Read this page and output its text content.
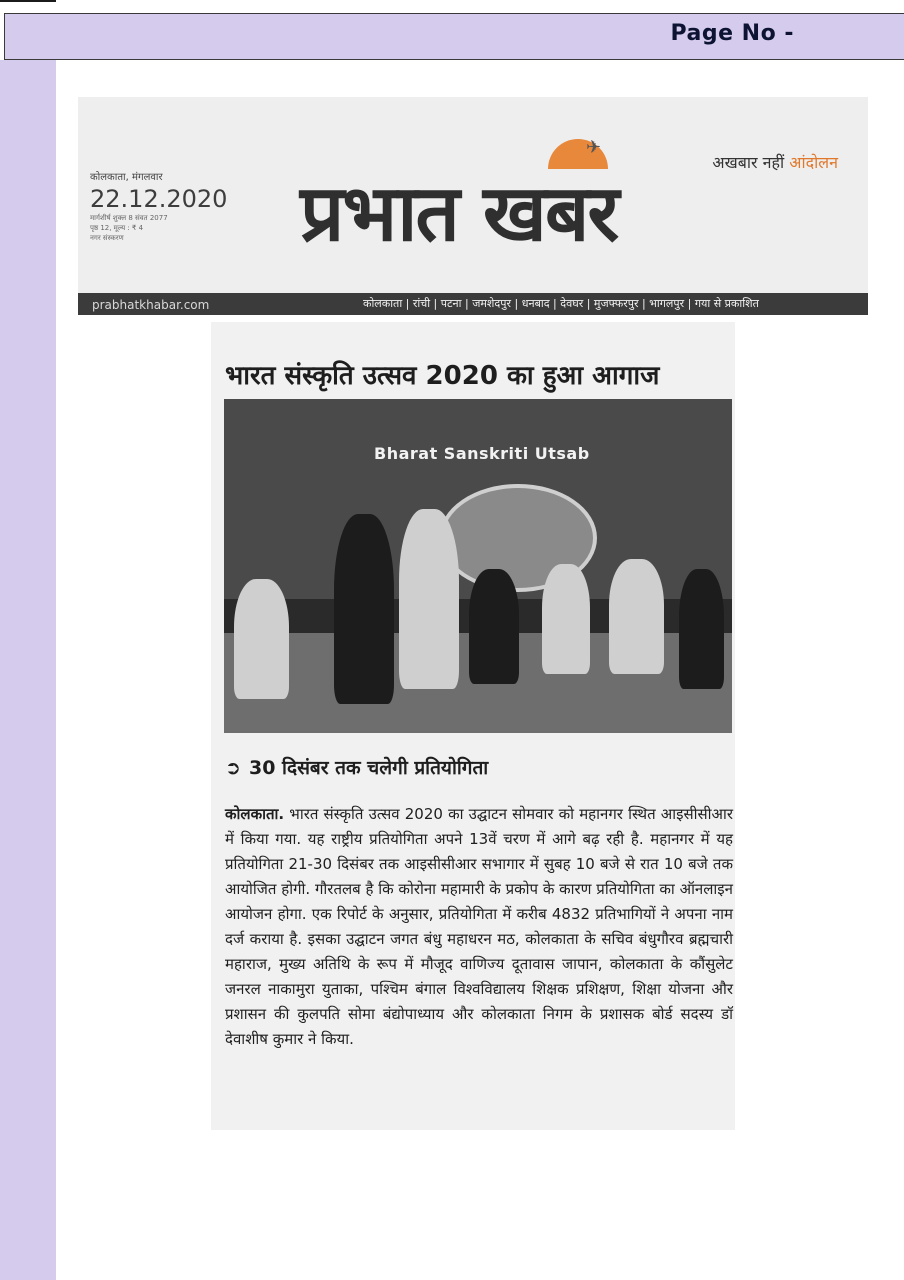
Page No -
कोलकाता, मंगलवार
22.12.2020
मार्गशीर्ष शुक्ल 8 संवत 2077
पृष्ठ 12, मूल्य : ₹ 4
नगर संस्करण
✈
अखबार नहीं आंदोलन
प्रभात खबर
prabhatkhabar.com	कोलकाता | रांची | पटना | जमशेदपुर | धनबाद | देवघर | मुजफ्फरपुर | भागलपुर | गया से प्रकाशित
भारत संस्कृति उत्सव 2020 का हुआ आगाज
Bharat Sanskriti Utsab
➲ 30 दिसंबर तक चलेगी प्रतियोगिता
कोलकाता. भारत संस्कृति उत्सव 2020 का उद्घाटन सोमवार को महानगर स्थित आइसीसीआर में किया गया. यह राष्ट्रीय प्रतियोगिता अपने 13वें चरण में आगे बढ़ रही है. महानगर में यह प्रतियोगिता 21-30 दिसंबर तक आइसीसीआर सभागार में सुबह 10 बजे से रात 10 बजे तक आयोजित होगी. गौरतलब है कि कोरोना महामारी के प्रकोप के कारण प्रतियोगिता का ऑनलाइन आयोजन होगा. एक रिपोर्ट के अनुसार, प्रतियोगिता में करीब 4832 प्रतिभागियों ने अपना नाम दर्ज कराया है. इसका उद्घाटन जगत बंधु महाधरन मठ, कोलकाता के सचिव बंधुगौरव ब्रह्मचारी महाराज, मुख्य अतिथि के रूप में मौजूद वाणिज्य दूतावास जापान, कोलकाता के कौंसुलेट जनरल नाकामुरा युताका, पश्चिम बंगाल विश्वविद्यालय शिक्षक प्रशिक्षण, शिक्षा योजना और प्रशासन की कुलपति सोमा बंद्योपाध्याय और कोलकाता निगम के प्रशासक बोर्ड सदस्य डॉ देवाशीष कुमार ने किया.
